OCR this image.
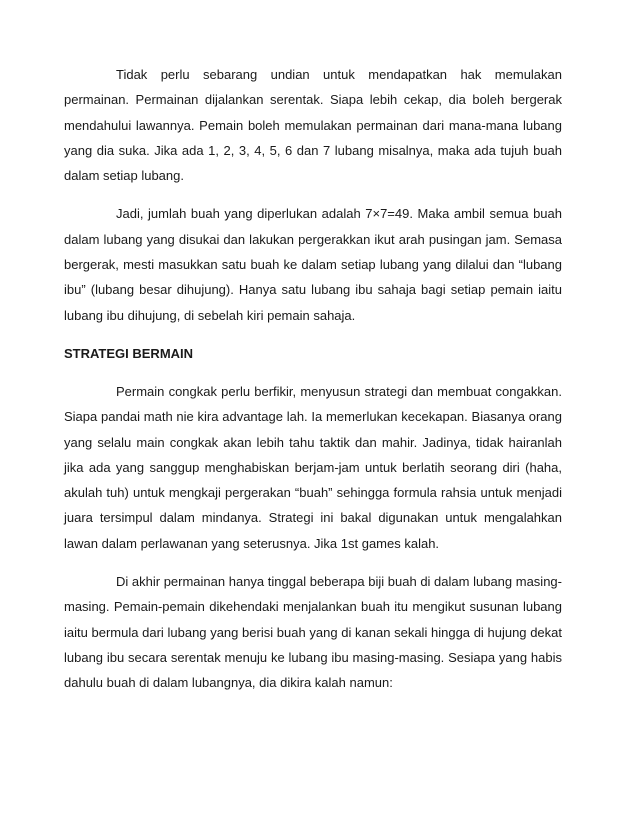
Tidak perlu sebarang undian untuk mendapatkan hak memulakan permainan. Permainan dijalankan serentak. Siapa lebih cekap, dia boleh bergerak mendahului lawannya. Pemain boleh memulakan permainan dari mana-mana lubang yang dia suka. Jika ada 1, 2, 3, 4, 5, 6 dan 7 lubang misalnya, maka ada tujuh buah dalam setiap lubang.

Jadi, jumlah buah yang diperlukan adalah 7×7=49. Maka ambil semua buah dalam lubang yang disukai dan lakukan pergerakkan ikut arah pusingan jam. Semasa bergerak, mesti masukkan satu buah ke dalam setiap lubang yang dilalui dan “lubang ibu” (lubang besar dihujung). Hanya satu lubang ibu sahaja bagi setiap pemain iaitu lubang ibu dihujung, di sebelah kiri pemain sahaja.

STRATEGI BERMAIN

Permain congkak perlu berfikir, menyusun strategi dan membuat congakkan. Siapa pandai math nie kira advantage lah. Ia memerlukan kecekapan. Biasanya orang yang selalu main congkak akan lebih tahu taktik dan mahir. Jadinya, tidak hairanlah jika ada yang sanggup menghabiskan berjam-jam untuk berlatih seorang diri (haha, akulah tuh) untuk mengkaji pergerakan “buah” sehingga formula rahsia untuk menjadi juara tersimpul dalam mindanya. Strategi ini bakal digunakan untuk mengalahkan lawan dalam perlawanan yang seterusnya. Jika 1st games kalah.

Di akhir permainan hanya tinggal beberapa biji buah di dalam lubang masing-masing. Pemain-pemain dikehendaki menjalankan buah itu mengikut susunan lubang iaitu bermula dari lubang yang berisi buah yang di kanan sekali hingga di hujung dekat lubang ibu secara serentak menuju ke lubang ibu masing-masing. Sesiapa yang habis dahulu buah di dalam lubangnya, dia dikira kalah namun:
